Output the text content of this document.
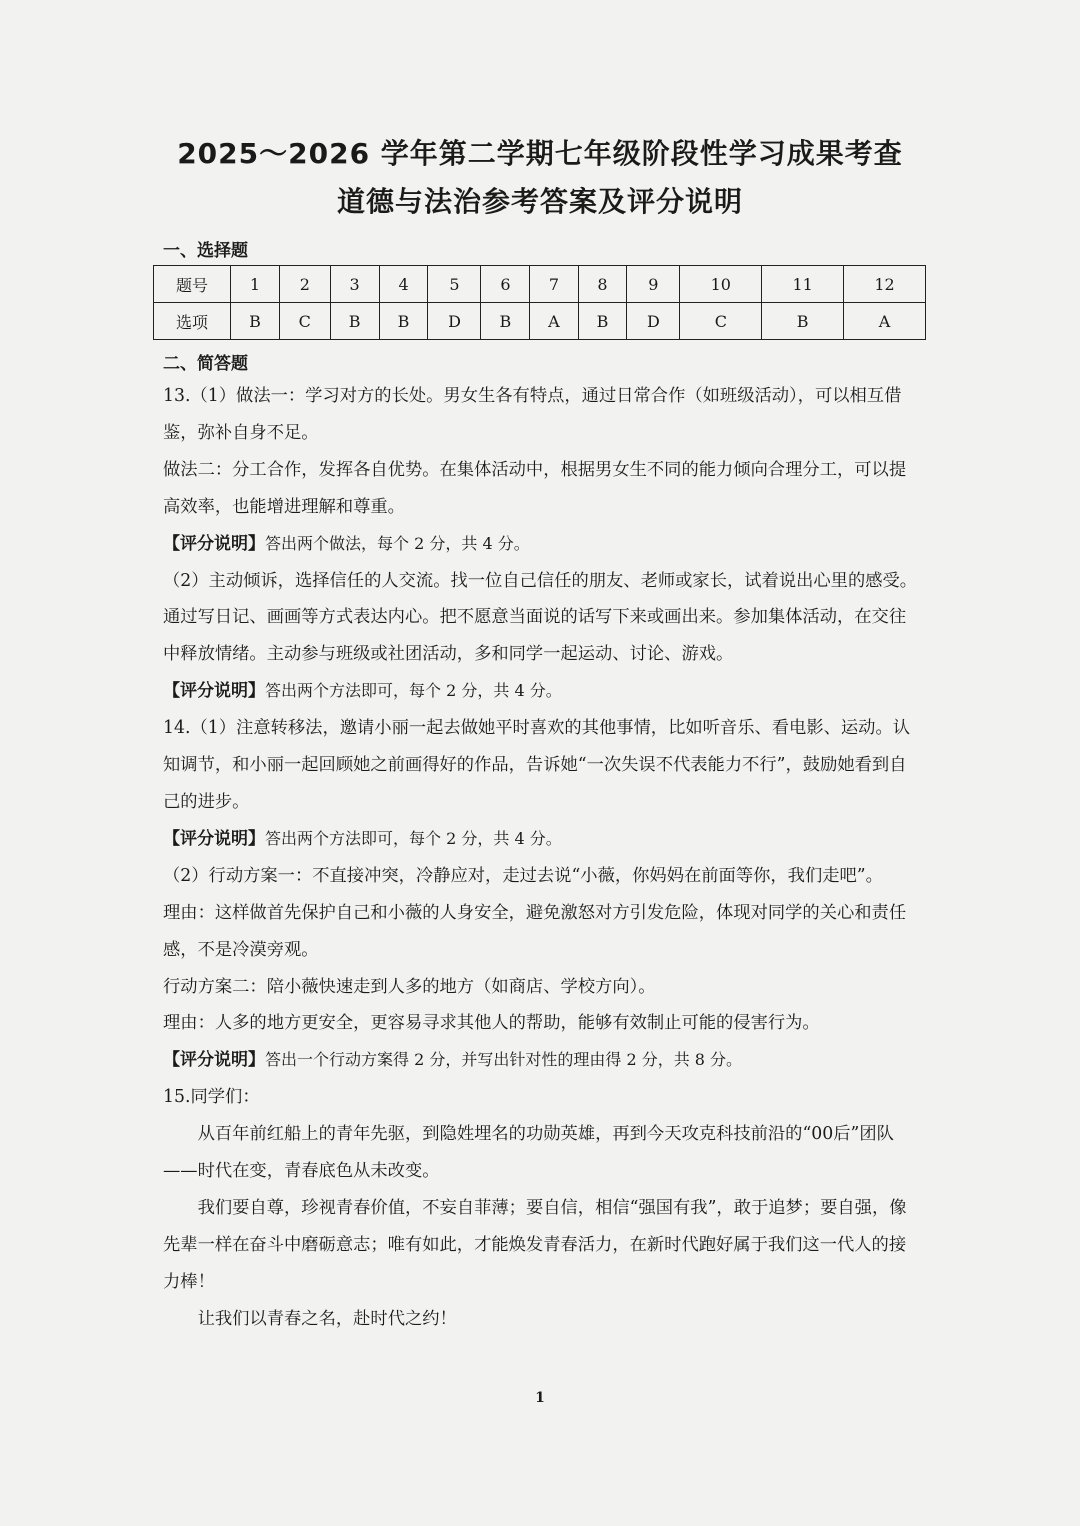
2025～2026 学年第二学期七年级阶段性学习成果考查
道德与法治参考答案及评分说明
一、选择题
题号	1	2	3	4	5	6	7	8	9	10	11	12
选项	B	C	B	B	D	B	A	B	D	C	B	A
二、简答题

13.（1）做法一：学习对方的长处。男女生各有特点，通过日常合作（如班级活动），可以相互借鉴，弥补自身不足。

做法二：分工合作，发挥各自优势。在集体活动中，根据男女生不同的能力倾向合理分工，可以提高效率，也能增进理解和尊重。

【评分说明】答出两个做法，每个 2 分，共 4 分。

（2）主动倾诉，选择信任的人交流。找一位自己信任的朋友、老师或家长，试着说出心里的感受。通过写日记、画画等方式表达内心。把不愿意当面说的话写下来或画出来。参加集体活动，在交往中释放情绪。主动参与班级或社团活动，多和同学一起运动、讨论、游戏。

【评分说明】答出两个方法即可，每个 2 分，共 4 分。

14.（1）注意转移法，邀请小丽一起去做她平时喜欢的其他事情，比如听音乐、看电影、运动。认知调节，和小丽一起回顾她之前画得好的作品，告诉她“一次失误不代表能力不行”，鼓励她看到自己的进步。

【评分说明】答出两个方法即可，每个 2 分，共 4 分。

（2）行动方案一：不直接冲突，冷静应对，走过去说“小薇，你妈妈在前面等你，我们走吧”。

理由：这样做首先保护自己和小薇的人身安全，避免激怒对方引发危险，体现对同学的关心和责任感，不是冷漠旁观。

行动方案二：陪小薇快速走到人多的地方（如商店、学校方向）。

理由：人多的地方更安全，更容易寻求其他人的帮助，能够有效制止可能的侵害行为。

【评分说明】答出一个行动方案得 2 分，并写出针对性的理由得 2 分，共 8 分。

15.同学们：

从百年前红船上的青年先驱，到隐姓埋名的功勋英雄，再到今天攻克科技前沿的“00后”团队——时代在变，青春底色从未改变。

我们要自尊，珍视青春价值，不妄自菲薄；要自信，相信“强国有我”，敢于追梦；要自强，像先辈一样在奋斗中磨砺意志；唯有如此，才能焕发青春活力，在新时代跑好属于我们这一代人的接力棒！

让我们以青春之名，赴时代之约！

1
